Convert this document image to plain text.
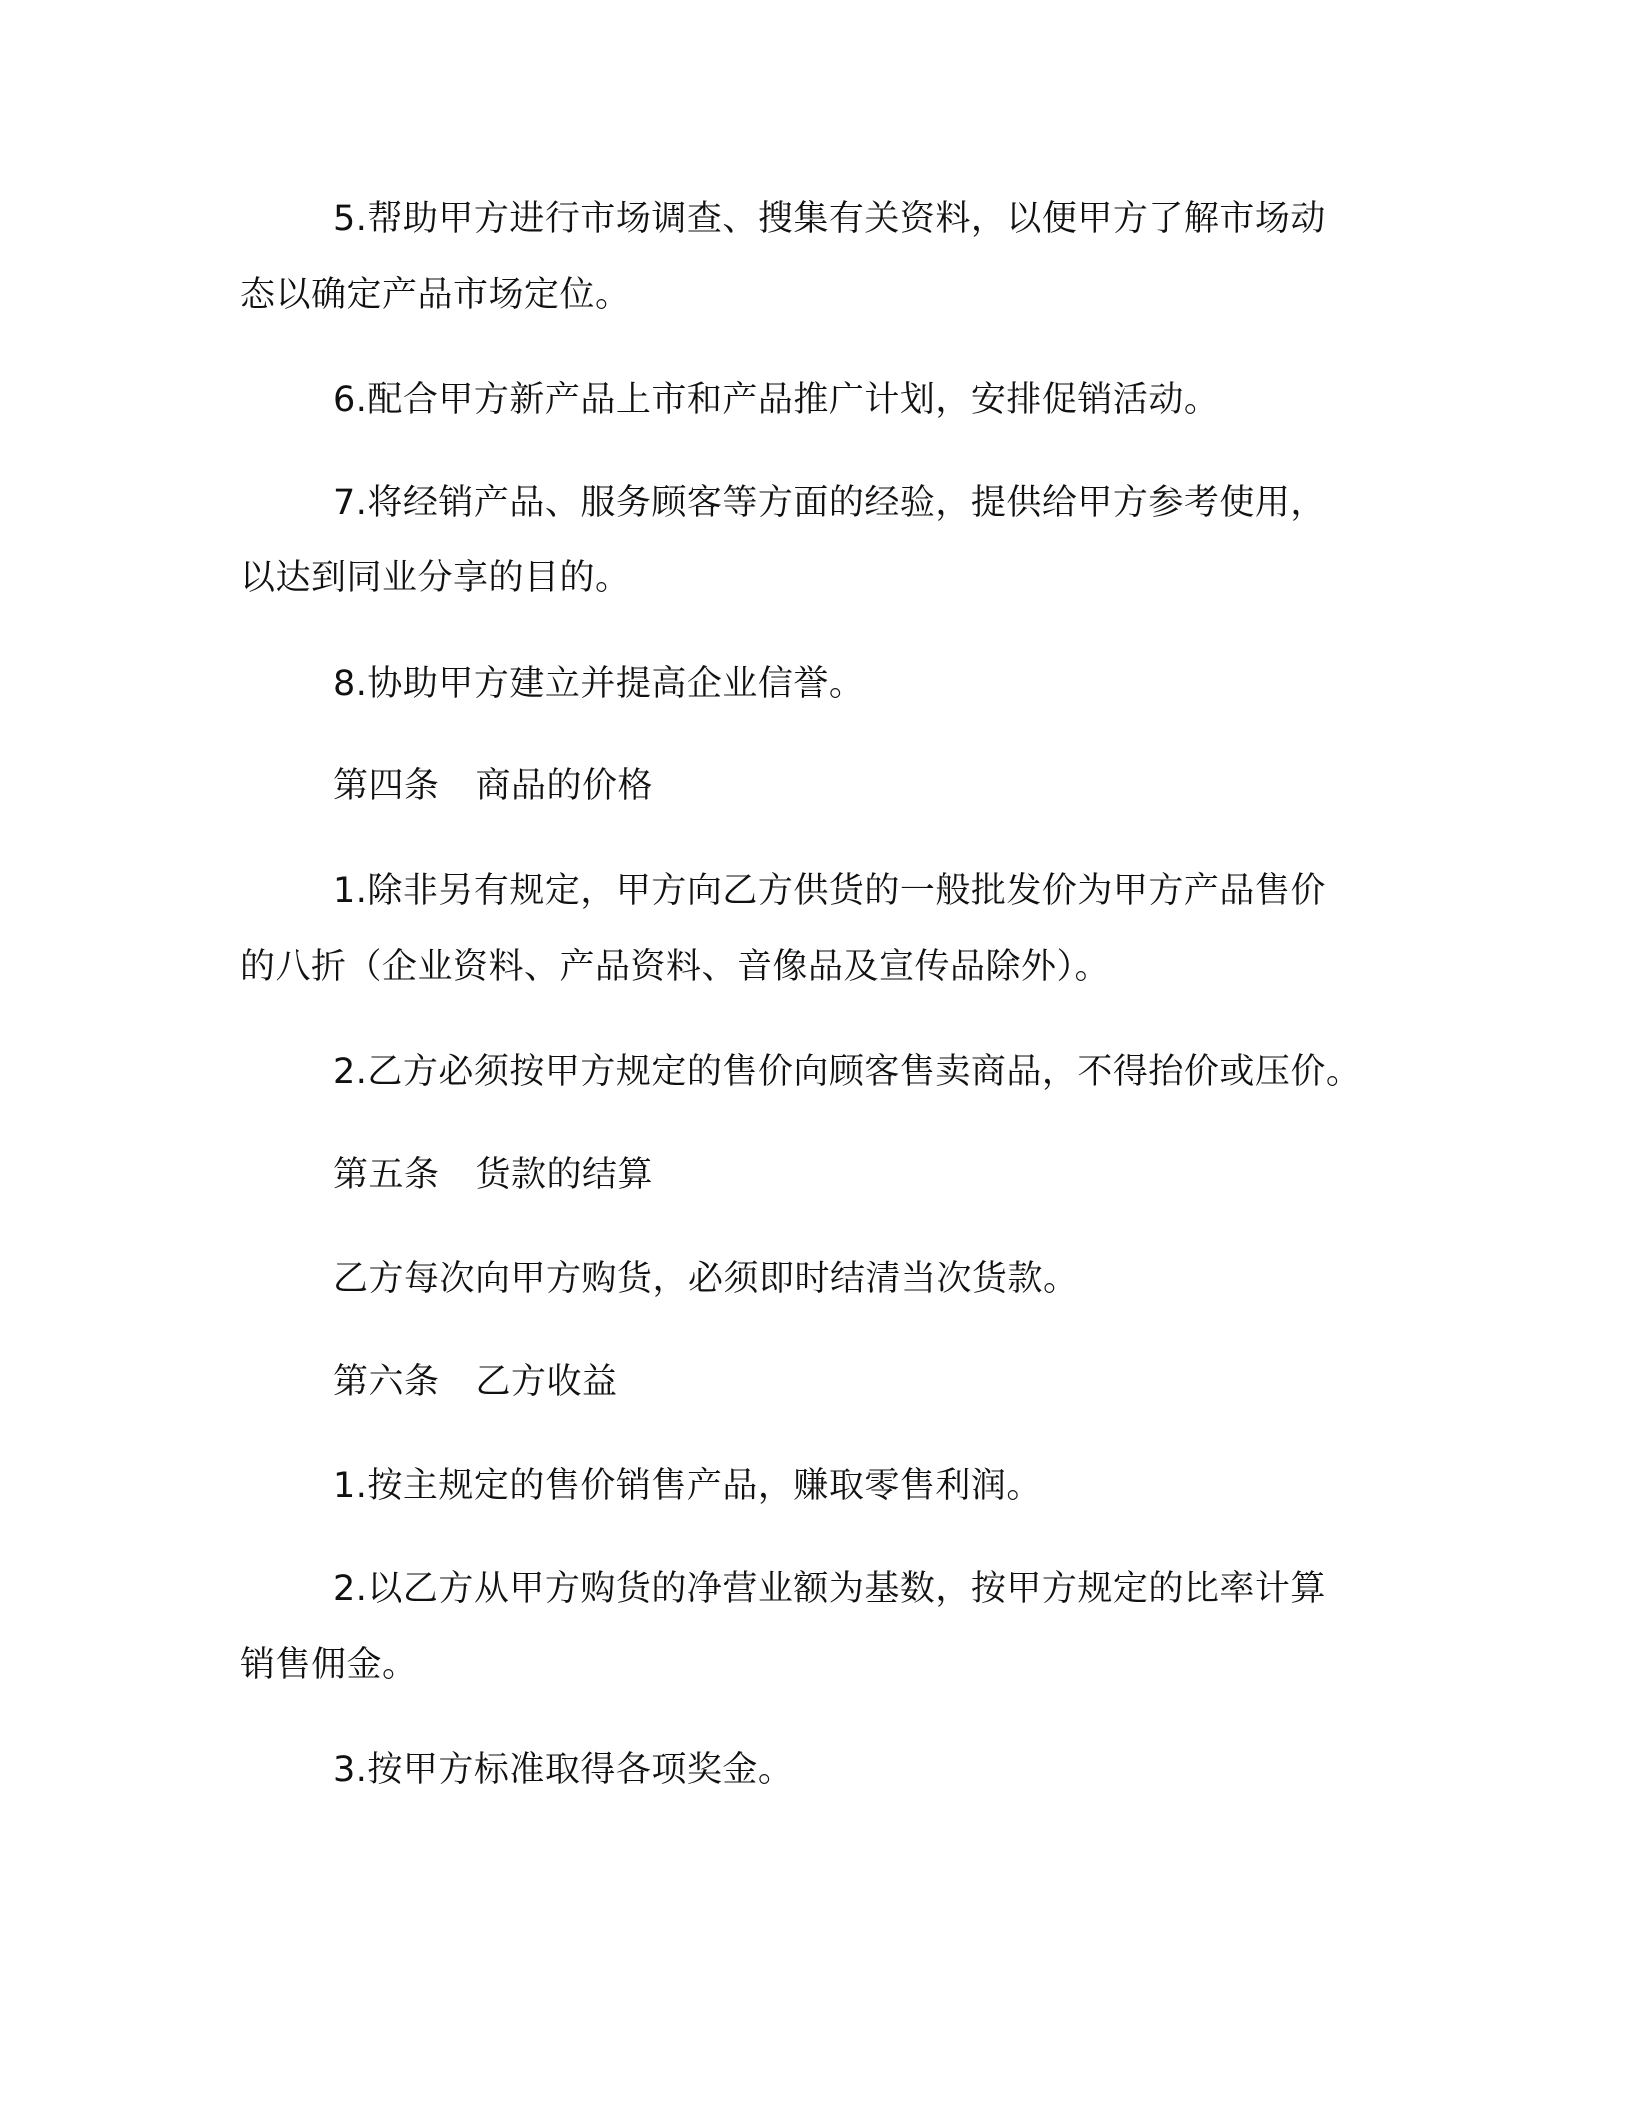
5.帮助甲方进行市场调查、搜集有关资料，以便甲方了解市场动
态以确定产品市场定位。
6.配合甲方新产品上市和产品推广计划，安排促销活动。
7.将经销产品、服务顾客等方面的经验，提供给甲方参考使用，
以达到同业分享的目的。
8.协助甲方建立并提高企业信誉。
第四条 商品的价格
1.除非另有规定，甲方向乙方供货的一般批发价为甲方产品售价
的八折（企业资料、产品资料、音像品及宣传品除外）。
2.乙方必须按甲方规定的售价向顾客售卖商品，不得抬价或压价。
第五条 货款的结算
乙方每次向甲方购货，必须即时结清当次货款。
第六条 乙方收益
1.按主规定的售价销售产品，赚取零售利润。
2.以乙方从甲方购货的净营业额为基数，按甲方规定的比率计算
销售佣金。
3.按甲方标准取得各项奖金。
